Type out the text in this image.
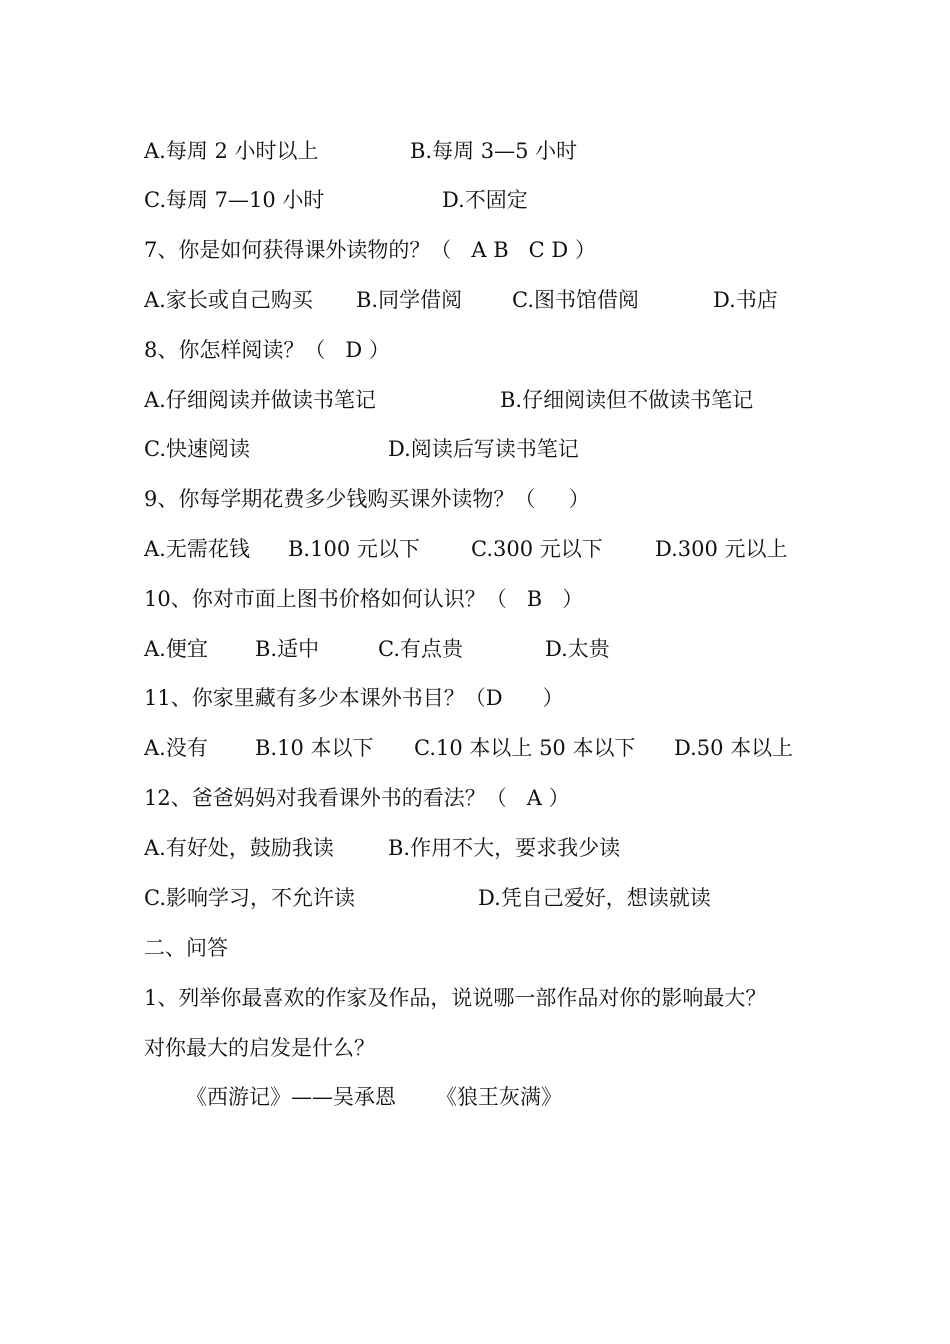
A.每周 2 小时以上

	B.每周 3—5 小时

C.每周 7—10 小时

	D.不固定

7、你是如何获得课外读物的？（   A B   C D ）

A.家长或自己购买

B.同学借阅

C.图书馆借阅

	D.书店

8、你怎样阅读？（   D ）

A.仔细阅读并做读书笔记

	B.仔细阅读但不做读书笔记

C.快速阅读

	D.阅读后写读书笔记

9、你每学期花费多少钱购买课外读物？（     ）

A.无需花钱

B.100 元以下

C.300 元以下

D.300 元以上

10、你对市面上图书价格如何认识？（   B   ）

A.便宜

B.适中

	C.有点贵

	D.太贵

11、你家里藏有多少本课外书目？（D      ）

A.没有

B.10 本以下

C.10 本以上 50 本以下

D.50 本以上

12、爸爸妈妈对我看课外书的看法？（   A ）

A.有好处，鼓励我读

	B.作用不大，要求我少读

C.影响学习，不允许读

	D.凭自己爱好，想读就读

二、问答
1、列举你最喜欢的作家及作品，说说哪一部作品对你的影响最大？
对你最大的启发是什么？
《西游记》——吴承恩      《狼王灰满》
